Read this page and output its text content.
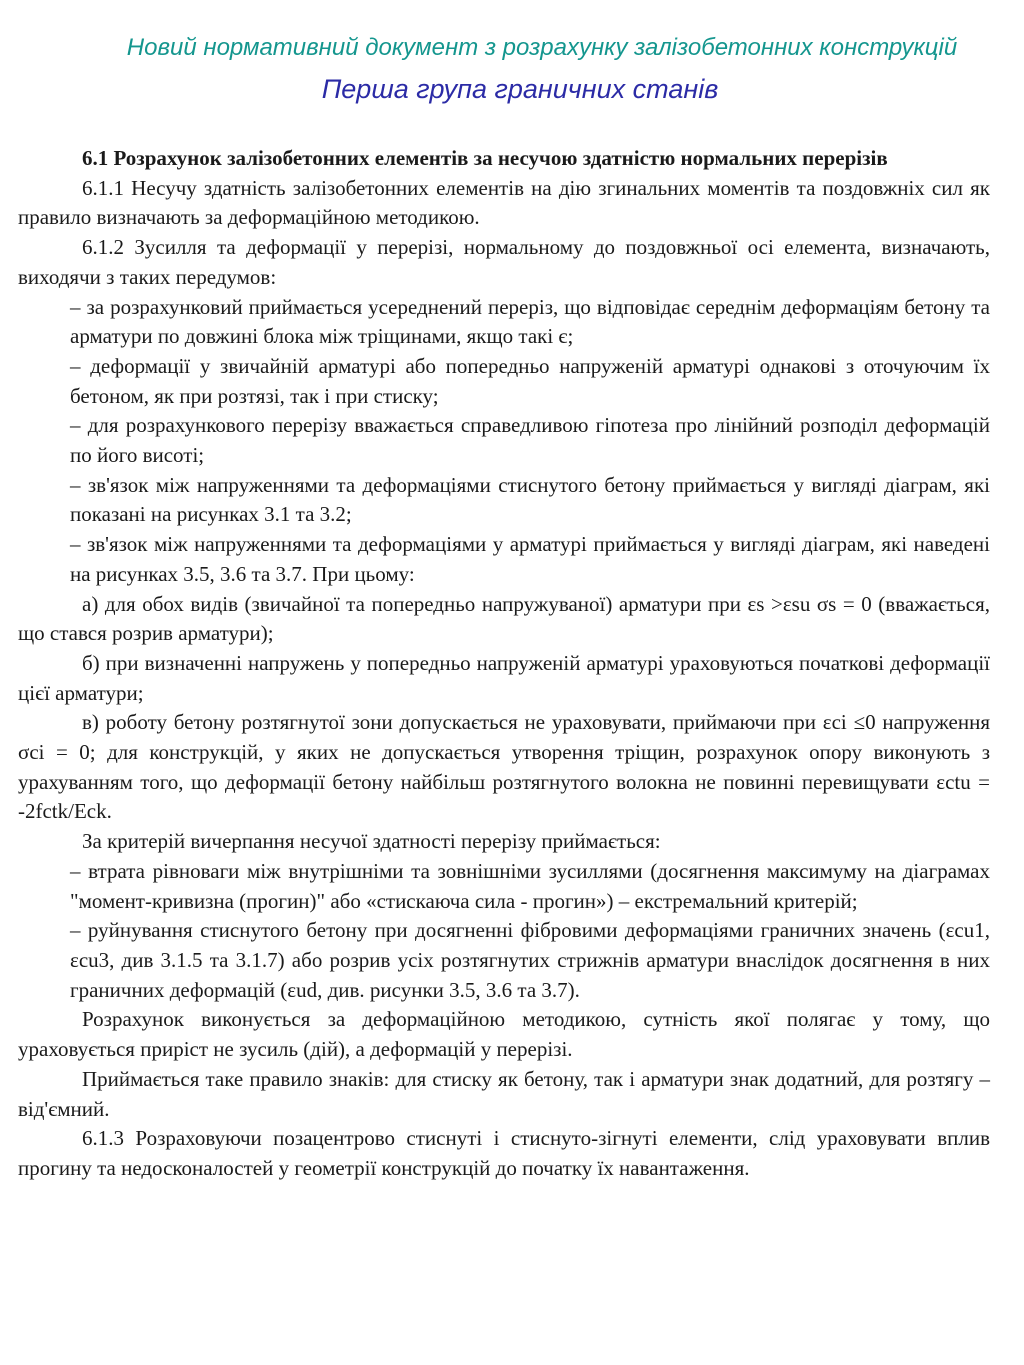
Новий нормативний документ з розрахунку залізобетонних конструкцій
Перша група граничних станів

6.1 Розрахунок залізобетонних елементів за несучою здатністю нормальних перерізів

6.1.1 Несучу здатність залізобетонних елементів на дію згинальних моментів та поздовжніх сил як правило визначають за деформаційною методикою.

6.1.2 Зусилля та деформації у перерізі, нормальному до поздовжньої осі елемента, визначають, виходячи з таких передумов:

– за розрахунковий приймається усереднений переріз, що відповідає середнім деформаціям бетону та арматури по довжині блока між тріщинами, якщо такі є;

– деформації у звичайній арматурі або попередньо напруженій арматурі однакові з оточуючим їх бетоном, як при розтязі, так і при стиску;

– для розрахункового перерізу вважається справедливою гіпотеза про лінійний розподіл деформацій по його висоті;

– зв'язок між напруженнями та деформаціями стиснутого бетону приймається у вигляді діаграм, які показані на рисунках 3.1 та 3.2;

– зв'язок між напруженнями та деформаціями у арматурі приймається у вигляді діаграм, які наведені на рисунках 3.5, 3.6 та 3.7. При цьому:

а) для обох видів (звичайної та попередньо напружуваної) арматури при εs >εsu σs = 0 (вважається, що стався розрив арматури);

б) при визначенні напружень у попередньо напруженій арматурі ураховуються початкові деформації цієї арматури;

в) роботу бетону розтягнутої зони допускається не ураховувати, приймаючи при εci ≤0 напруження σci = 0; для конструкцій, у яких не допускається утворення тріщин, розрахунок опору виконують з урахуванням того, що деформації бетону найбільш розтягнутого волокна не повинні перевищувати εctu = -2fctk/Eck.

За критерій вичерпання несучої здатності перерізу приймається:

– втрата рівноваги між внутрішніми та зовнішніми зусиллями (досягнення максимуму на діаграмах "момент-кривизна (прогин)" або «стискаюча сила - прогин») – екстремальний критерій;

– руйнування стиснутого бетону при досягненні фібровими деформаціями граничних значень (εcu1, εcu3, див 3.1.5 та 3.1.7) або розрив усіх розтягнутих стрижнів арматури внаслідок досягнення в них граничних деформацій (εud, див. рисунки 3.5, 3.6 та 3.7).

Розрахунок виконується за деформаційною методикою, сутність якої полягає у тому, що ураховується приріст не зусиль (дій), а деформацій у перерізі.

Приймається таке правило знаків: для стиску як бетону, так і арматури знак додатний, для розтягу – від'ємний.

6.1.3 Розраховуючи позацентрово стиснуті і стиснуто-зігнуті елементи, слід ураховувати вплив прогину та недосконалостей у геометрії конструкцій до початку їх навантаження.
